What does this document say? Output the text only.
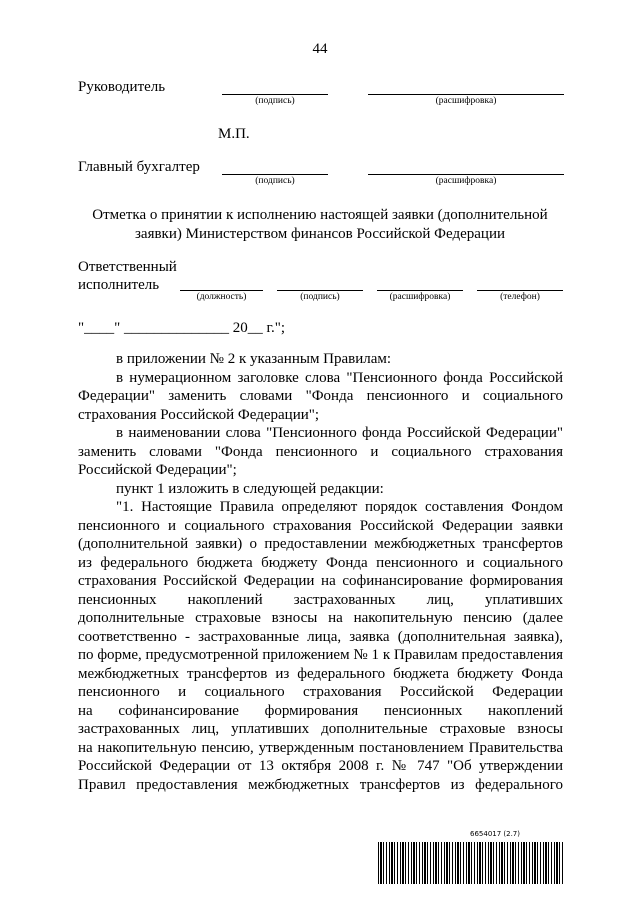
44
Руководитель
(подпись)	(расшифровка)
М.П.
Главный бухгалтер
(подпись)	(расшифровка)
Отметка о принятии к исполнению настоящей заявки (дополнительной
заявки) Министерством финансов Российской Федерации
Ответственный
исполнитель
(должность)	(подпись)	(расшифровка)	(телефон)
"____" ______________ 20__ г.";
в приложении № 2 к указанным Правилам:
в нумерационном заголовке слова "Пенсионного фонда Российской
Федерации" заменить словами "Фонда пенсионного и социального
страхования Российской Федерации";
в наименовании слова "Пенсионного фонда Российской Федерации"
заменить словами "Фонда пенсионного и социального страхования
Российской Федерации";
пункт 1 изложить в следующей редакции:
"1. Настоящие Правила определяют порядок составления Фондом
пенсионного и социального страхования Российской Федерации заявки
(дополнительной заявки) о предоставлении межбюджетных трансфертов
из федерального бюджета бюджету Фонда пенсионного и социального
страхования Российской Федерации на софинансирование формирования
пенсионных накоплений застрахованных лиц, уплативших
дополнительные страховые взносы на накопительную пенсию (далее
соответственно - застрахованные лица, заявка (дополнительная заявка),
по форме, предусмотренной приложением № 1 к Правилам предоставления
межбюджетных трансфертов из федерального бюджета бюджету Фонда
пенсионного и социального страхования Российской Федерации
на софинансирование формирования пенсионных накоплений
застрахованных лиц, уплативших дополнительные страховые взносы
на накопительную пенсию, утвержденным постановлением Правительства
Российской Федерации от 13 октября 2008 г. № 747 "Об утверждении
Правил предоставления межбюджетных трансфертов из федерального
6654017 (2.7)
